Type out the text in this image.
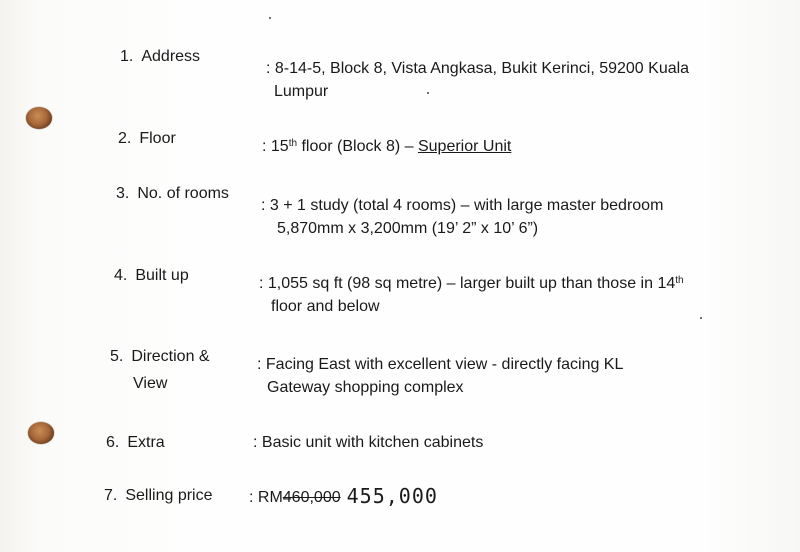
1. Address
: 8-14-5, Block 8, Vista Angkasa, Bukit Kerinci, 59200 Kuala
Lumpur
2. Floor	: 15th floor (Block 8) – Superior Unit
3. No. of rooms
: 3 + 1 study (total 4 rooms) – with large master bedroom
5,870mm x 3,200mm (19’ 2” x 10’ 6”)
4. Built up	: 1,055 sq ft (98 sq metre) – larger built up than those in 14th
floor and below
5. Direction &
View
: Facing East with excellent view - directly facing KL
Gateway shopping complex
6. Extra	: Basic unit with kitchen cabinets
7. Selling price : RM460,000 455,000
